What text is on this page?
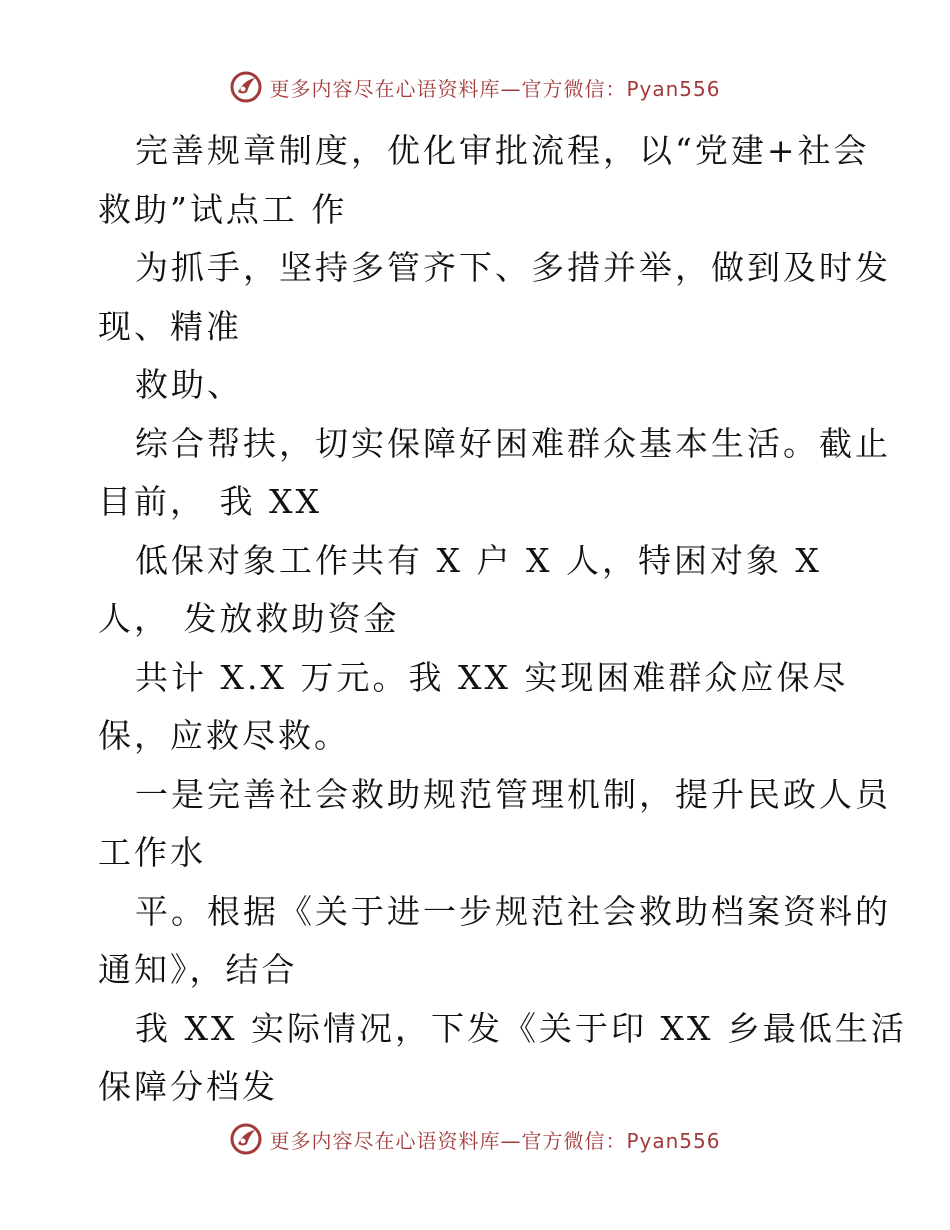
更多内容尽在心语资料库—官方微信：Pyan556
完善规章制度，优化审批流程，以“党建+社会
救助”试点工 作
为抓手，坚持多管齐下、多措并举，做到及时发
现、精准
救助、
综合帮扶，切实保障好困难群众基本生活。截止
目前， 我 XX
低保对象工作共有 X 户 X 人，特困对象 X
人， 发放救助资金
共计 X.X 万元。我 XX 实现困难群众应保尽
保，应救尽救。
一是完善社会救助规范管理机制，提升民政人员
工作水
平。根据《关于进一步规范社会救助档案资料的
通知》，结合
我 XX 实际情况，下发《关于印 XX 乡最低生活
保障分档发
更多内容尽在心语资料库—官方微信：Pyan556
